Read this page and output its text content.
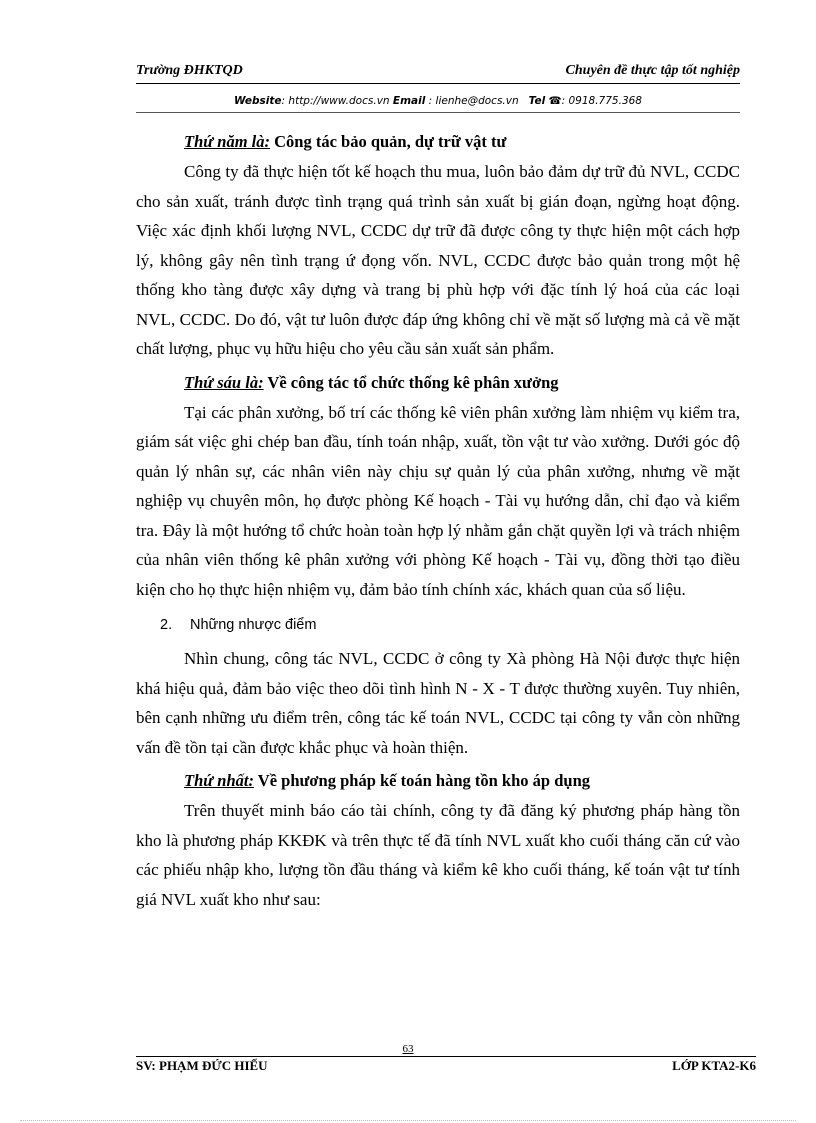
Trường ĐHKTQD	Chuyên đề thực tập tốt nghiệp
Website: http://www.docs.vn Email : lienhe@docs.vn Tel ☎: 0918.775.368
Thứ năm là: Công tác bảo quản, dự trữ vật tư

Công ty đã thực hiện tốt kế hoạch thu mua, luôn bảo đảm dự trữ đủ NVL, CCDC cho sản xuất, tránh được tình trạng quá trình sản xuất bị gián đoạn, ngừng hoạt động. Việc xác định khối lượng NVL, CCDC dự trữ đã được công ty thực hiện một cách hợp lý, không gây nên tình trạng ứ đọng vốn. NVL, CCDC được bảo quản trong một hệ thống kho tàng được xây dựng và trang bị phù hợp với đặc tính lý hoá của các loại NVL, CCDC. Do đó, vật tư luôn được đáp ứng không chỉ về mặt số lượng mà cả về mặt chất lượng, phục vụ hữu hiệu cho yêu cầu sản xuất sản phẩm.

Thứ sáu là: Về công tác tổ chức thống kê phân xưởng

Tại các phân xưởng, bố trí các thống kê viên phân xưởng làm nhiệm vụ kiểm tra, giám sát việc ghi chép ban đầu, tính toán nhập, xuất, tồn vật tư vào xưởng. Dưới góc độ quản lý nhân sự, các nhân viên này chịu sự quản lý của phân xưởng, nhưng về mặt nghiệp vụ chuyên môn, họ được phòng Kế hoạch - Tài vụ hướng dẫn, chỉ đạo và kiểm tra. Đây là một hướng tổ chức hoàn toàn hợp lý nhằm gắn chặt quyền lợi và trách nhiệm của nhân viên thống kê phân xưởng với phòng Kế hoạch - Tài vụ, đồng thời tạo điều kiện cho họ thực hiện nhiệm vụ, đảm bảo tính chính xác, khách quan của số liệu.

2. Những nhược điểm

Nhìn chung, công tác NVL, CCDC ở công ty Xà phòng Hà Nội được thực hiện khá hiệu quả, đảm bảo việc theo dõi tình hình N - X - T được thường xuyên. Tuy nhiên, bên cạnh những ưu điểm trên, công tác kế toán NVL, CCDC tại công ty vẫn còn những vấn đề tồn tại cần được khắc phục và hoàn thiện.

Thứ nhất: Về phương pháp kế toán hàng tồn kho áp dụng

Trên thuyết minh báo cáo tài chính, công ty đã đăng ký phương pháp hàng tồn kho là phương pháp KKĐK và trên thực tế đã tính NVL xuất kho cuối tháng căn cứ vào các phiếu nhập kho, lượng tồn đầu tháng và kiểm kê kho cuối tháng, kế toán vật tư tính giá NVL xuất kho như sau:

63
SV: PHẠM ĐỨC HIẾU	LỚP KTA2-K6
